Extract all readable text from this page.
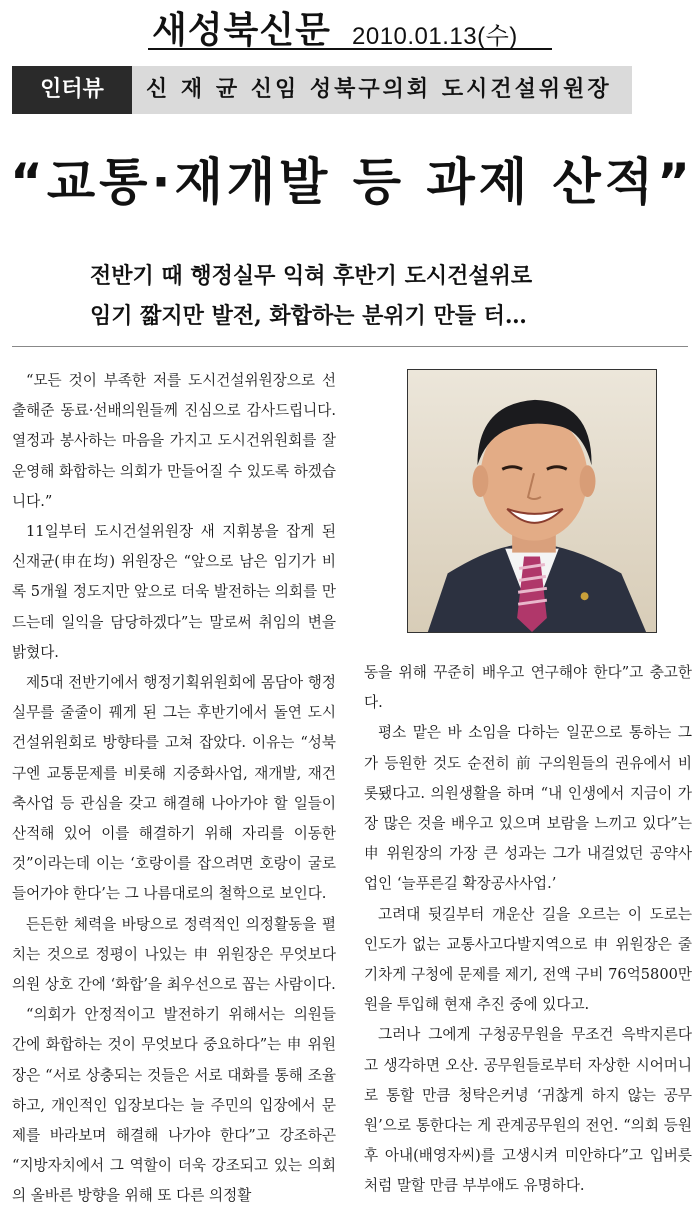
새성북신문 2010.01.13(수)
인터뷰	신 재 균 신임 성북구의회 도시건설위원장
“교통·재개발 등 과제 산적”
전반기 때 행정실무 익혀 후반기 도시건설위로
임기 짧지만 발전, 화합하는 분위기 만들 터…

“모든 것이 부족한 저를 도시건설위원장으로 선출해준 동료·선배의원들께 진심으로 감사드립니다. 열정과 봉사하는 마음을 가지고 도시건위원회를 잘 운영해 화합하는 의회가 만들어질 수 있도록 하겠습니다.”

11일부터 도시건설위원장 새 지휘봉을 잡게 된 신재균(申在均) 위원장은 “앞으로 남은 임기가 비록 5개월 정도지만 앞으로 더욱 발전하는 의회를 만드는데 일익을 담당하겠다”는 말로써 취임의 변을 밝혔다.

제5대 전반기에서 행정기획위원회에 몸담아 행정실무를 줄줄이 꿰게 된 그는 후반기에서 돌연 도시건설위원회로 방향타를 고쳐 잡았다. 이유는 “성북구엔 교통문제를 비롯해 지중화사업, 재개발, 재건축사업 등 관심을 갖고 해결해 나아가야 할 일들이 산적해 있어 이를 해결하기 위해 자리를 이동한 것”이라는데 이는 ‘호랑이를 잡으려면 호랑이 굴로 들어가야 한다’는 그 나름대로의 철학으로 보인다.

든든한 체력을 바탕으로 정력적인 의정활동을 펼치는 것으로 정평이 나있는 申 위원장은 무엇보다 의원 상호 간에 ‘화합’을 최우선으로 꼽는 사람이다.

“의회가 안정적이고 발전하기 위해서는 의원들 간에 화합하는 것이 무엇보다 중요하다”는 申 위원장은 “서로 상충되는 것들은 서로 대화를 통해 조율하고, 개인적인 입장보다는 늘 주민의 입장에서 문제를 바라보며 해결해 나가야 한다”고 강조하곤 “지방자치에서 그 역할이 더욱 강조되고 있는 의회의 올바른 방향을 위해 또 다른 의정활

동을 위해 꾸준히 배우고 연구해야 한다”고 충고한다.

평소 맡은 바 소임을 다하는 일꾼으로 통하는 그가 등원한 것도 순전히 前 구의원들의 권유에서 비롯됐다고. 의원생활을 하며 “내 인생에서 지금이 가장 많은 것을 배우고 있으며 보람을 느끼고 있다”는 申 위원장의 가장 큰 성과는 그가 내걸었던 공약사업인 ‘늘푸른길 확장공사사업.’

고려대 뒷길부터 개운산 길을 오르는 이 도로는 인도가 없는 교통사고다발지역으로 申 위원장은 줄기차게 구청에 문제를 제기, 전액 구비 76억5800만원을 투입해 현재 추진 중에 있다고.

그러나 그에게 구청공무원을 무조건 윽박지른다고 생각하면 오산. 공무원들로부터 자상한 시어머니로 통할 만큼 청탁은커녕 ‘귀찮게 하지 않는 공무원’으로 통한다는 게 관계공무원의 전언. “의회 등원 후 아내(배영자씨)를 고생시켜 미안하다”고 입버릇처럼 말할 만큼 부부애도 유명하다.
